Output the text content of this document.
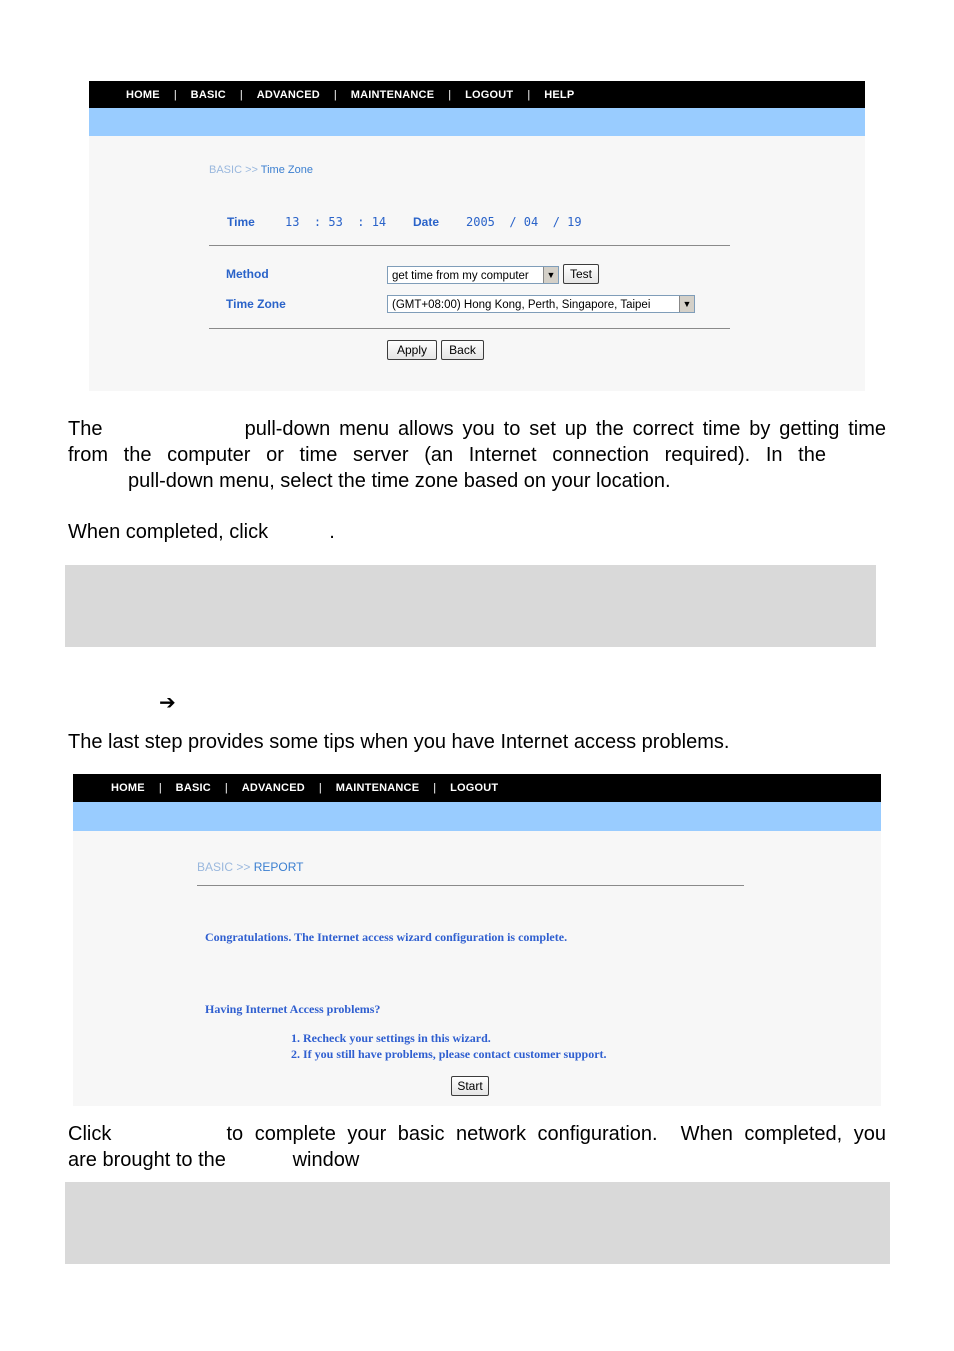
HOME | BASIC | ADVANCED | MAINTENANCE | LOGOUT | HELP
BASIC >> Time Zone
Time	13  : 53  : 14 Date 2005  / 04  / 19
Method	get time from my computer	▼	Test
Time Zone	(GMT+08:00) Hong Kong, Perth, Singapore, Taipei	▼
Apply	Back
The                pull-down menu allows you to set up the correct time by getting time
from the computer or time server (an Internet connection required). In the
pull-down menu, select the time zone based on your location.
When completed, click           .
➔
The last step provides some tips when you have Internet access problems.
HOME | BASIC | ADVANCED | MAINTENANCE | LOGOUT
BASIC >> REPORT
Congratulations. The Internet access wizard configuration is complete.
Having Internet Access problems?
1. Recheck your settings in this wizard.
2. If you still have problems, please contact customer support.
Start
Click          to complete your basic network configuration.  When completed, you
are brought to the            window
